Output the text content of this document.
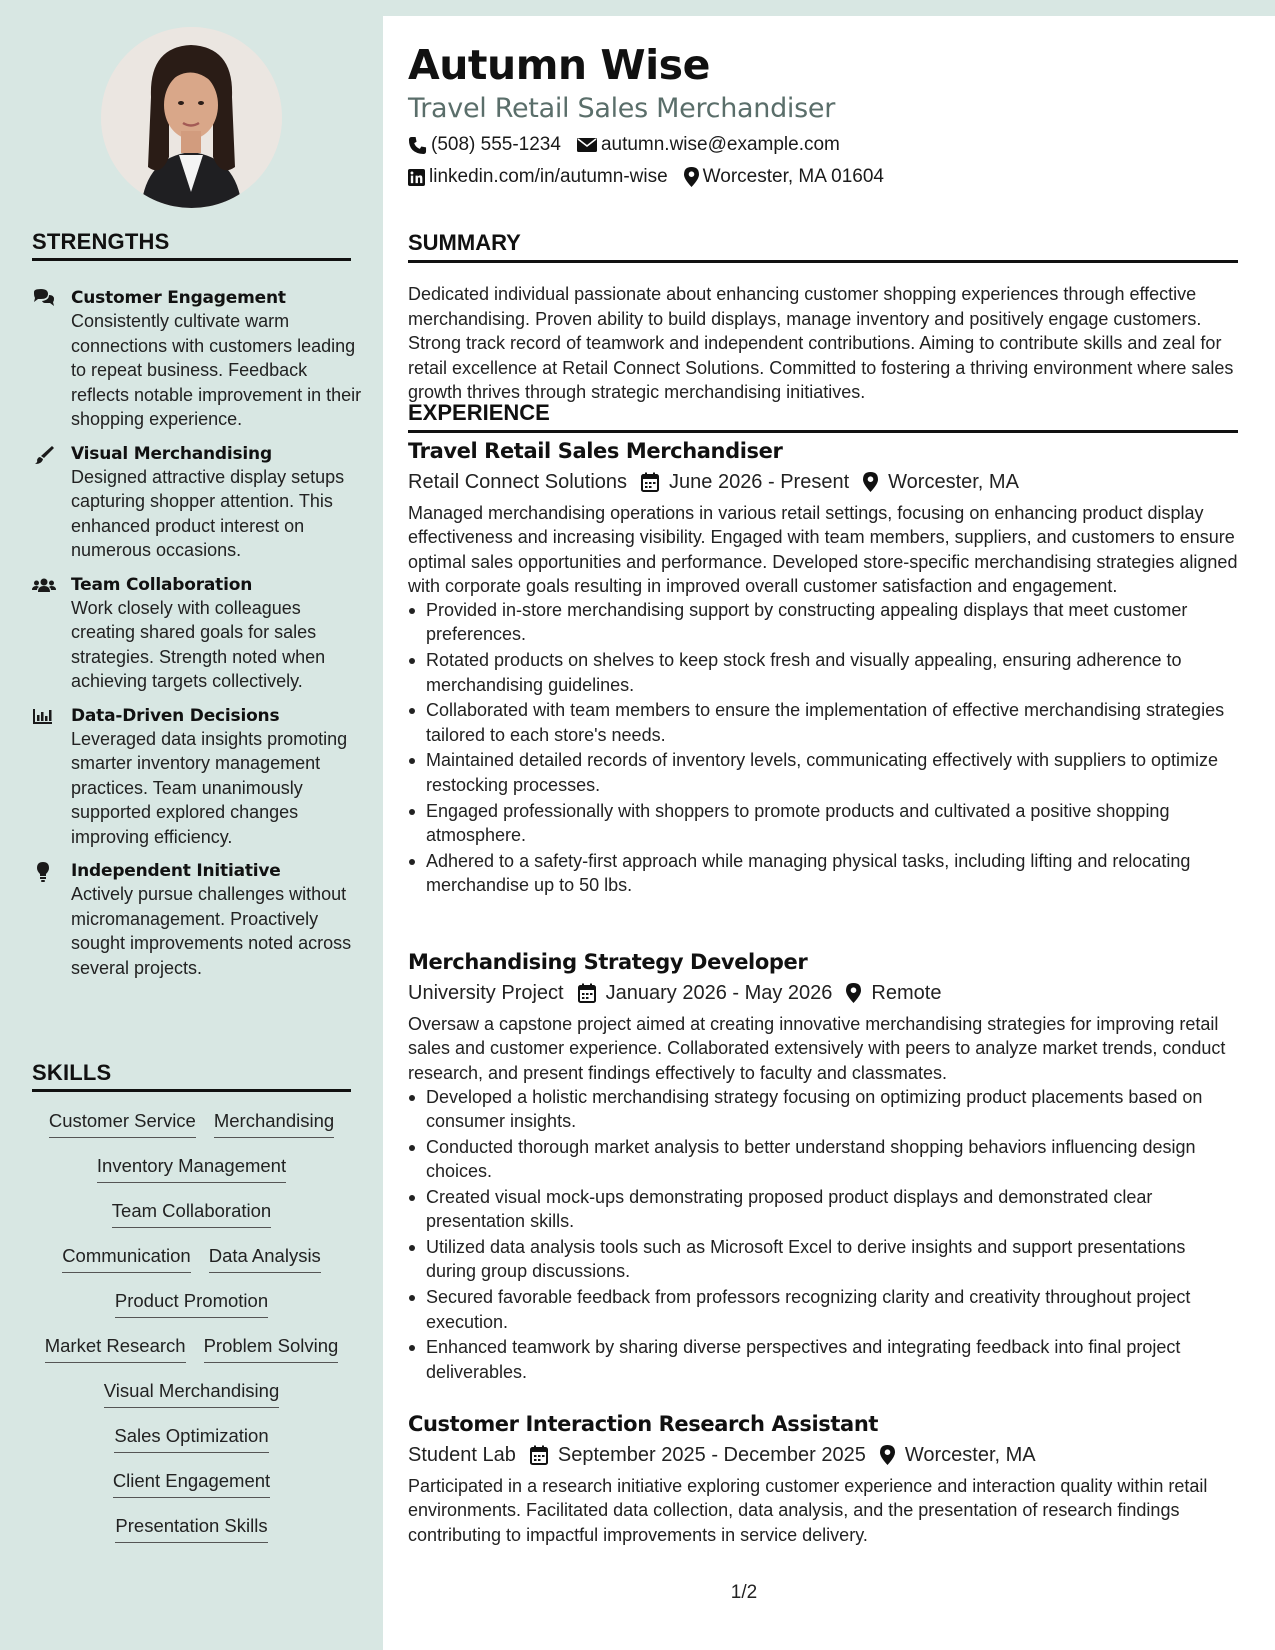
STRENGTHS
Customer Engagement
Consistently cultivate warm connections with customers leading to repeat business. Feedback reflects notable improvement in their shopping experience.
Visual Merchandising
Designed attractive display setups capturing shopper attention. This enhanced product interest on numerous occasions.
Team Collaboration
Work closely with colleagues creating shared goals for sales strategies. Strength noted when achieving targets collectively.
Data-Driven Decisions
Leveraged data insights promoting smarter inventory management practices. Team unanimously supported explored changes improving efficiency.
Independent Initiative
Actively pursue challenges without micromanagement. Proactively sought improvements noted across several projects.
SKILLS
Customer Service Merchandising
Inventory Management
Team Collaboration
Communication Data Analysis
Product Promotion
Market Research Problem Solving
Visual Merchandising
Sales Optimization
Client Engagement
Presentation Skills
Autumn Wise
Travel Retail Sales Merchandiser
(508) 555-1234 autumn.wise@example.com
linkedin.com/in/autumn-wise Worcester, MA 01604
SUMMARY
Dedicated individual passionate about enhancing customer shopping experiences through effective merchandising. Proven ability to build displays, manage inventory and positively engage customers. Strong track record of teamwork and independent contributions. Aiming to contribute skills and zeal for retail excellence at Retail Connect Solutions. Committed to fostering a thriving environment where sales growth thrives through strategic merchandising initiatives.
EXPERIENCE
Travel Retail Sales Merchandiser
Retail Connect Solutions June 2026 - Present Worcester, MA
Managed merchandising operations in various retail settings, focusing on enhancing product display effectiveness and increasing visibility. Engaged with team members, suppliers, and customers to ensure optimal sales opportunities and performance. Developed store-specific merchandising strategies aligned with corporate goals resulting in improved overall customer satisfaction and engagement.
Provided in-store merchandising support by constructing appealing displays that meet customer preferences.
Rotated products on shelves to keep stock fresh and visually appealing, ensuring adherence to merchandising guidelines.
Collaborated with team members to ensure the implementation of effective merchandising strategies tailored to each store's needs.
Maintained detailed records of inventory levels, communicating effectively with suppliers to optimize restocking processes.
Engaged professionally with shoppers to promote products and cultivated a positive shopping atmosphere.
Adhered to a safety-first approach while managing physical tasks, including lifting and relocating merchandise up to 50 lbs.
Merchandising Strategy Developer
University Project January 2026 - May 2026 Remote
Oversaw a capstone project aimed at creating innovative merchandising strategies for improving retail sales and customer experience. Collaborated extensively with peers to analyze market trends, conduct research, and present findings effectively to faculty and classmates.
Developed a holistic merchandising strategy focusing on optimizing product placements based on consumer insights.
Conducted thorough market analysis to better understand shopping behaviors influencing design choices.
Created visual mock-ups demonstrating proposed product displays and demonstrated clear presentation skills.
Utilized data analysis tools such as Microsoft Excel to derive insights and support presentations during group discussions.
Secured favorable feedback from professors recognizing clarity and creativity throughout project execution.
Enhanced teamwork by sharing diverse perspectives and integrating feedback into final project deliverables.
Customer Interaction Research Assistant
Student Lab September 2025 - December 2025 Worcester, MA
Participated in a research initiative exploring customer experience and interaction quality within retail environments. Facilitated data collection, data analysis, and the presentation of research findings contributing to impactful improvements in service delivery.
1/2
